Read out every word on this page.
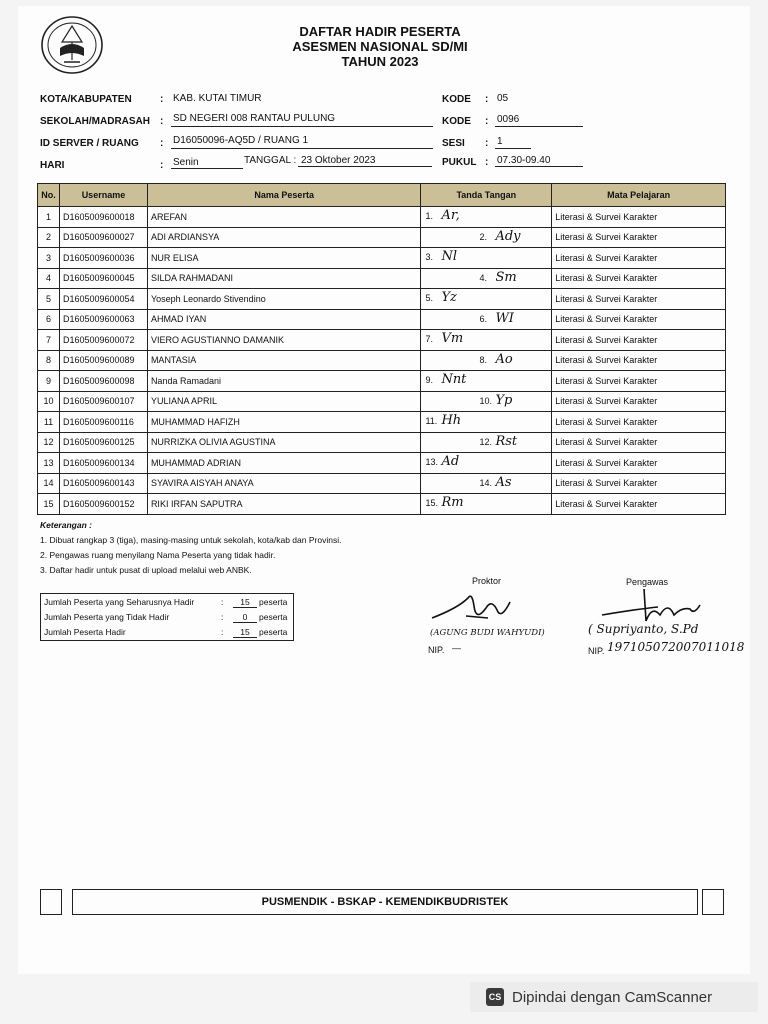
DAFTAR HADIR PESERTA
ASESMEN NASIONAL SD/MI
TAHUN 2023
KOTA/KABUPATEN	: KAB. KUTAI TIMUR	KODE : 05
SEKOLAH/MADRASAH : SD NEGERI 008 RANTAU PULUNG	KODE : 0096
ID SERVER / RUANG : D16050096-AQ5D / RUANG 1	SESI : 1
HARI	: Senin	TANGGAL : 23 Oktober 2023	PUKUL : 07.30-09.40
No.	Username	Nama Peserta	Tanda Tangan	Mata Pelajaran
1	D1605009600018	AREFAN	1. Ar,	Literasi & Survei Karakter
2	D1605009600027	ADI ARDIANSYA	2. Ady	Literasi & Survei Karakter
3	D1605009600036	NUR ELISA	3. Nl	Literasi & Survei Karakter
4	D1605009600045	SILDA RAHMADANI	4. Sm	Literasi & Survei Karakter
5	D1605009600054	Yoseph Leonardo Stivendino	5. Yz	Literasi & Survei Karakter
6	D1605009600063	AHMAD IYAN	6. WI	Literasi & Survei Karakter
7	D1605009600072	VIERO AGUSTIANNO DAMANIK	7. Vm	Literasi & Survei Karakter
8	D1605009600089	MANTASIA	8. Ao	Literasi & Survei Karakter
9	D1605009600098	Nanda Ramadani	9. Nnt	Literasi & Survei Karakter
10	D1605009600107	YULIANA APRIL	10. Yp	Literasi & Survei Karakter
11	D1605009600116	MUHAMMAD HAFIZH	11. Hh	Literasi & Survei Karakter
12	D1605009600125	NURRIZKA OLIVIA AGUSTINA	12. Rst	Literasi & Survei Karakter
13	D1605009600134	MUHAMMAD ADRIAN	13. Ad	Literasi & Survei Karakter
14	D1605009600143	SYAVIRA AISYAH ANAYA	14. As	Literasi & Survei Karakter
15	D1605009600152	RIKI IRFAN SAPUTRA	15. Rm	Literasi & Survei Karakter
Keterangan :
1. Dibuat rangkap 3 (tiga), masing-masing untuk sekolah, kota/kab dan Provinsi.
2. Pengawas ruang menyilang Nama Peserta yang tidak hadir.
3. Daftar hadir untuk pusat di upload melalui web ANBK.
Jumlah Peserta yang Seharusnya Hadir	:	15	peserta
Jumlah Peserta yang Tidak Hadir	:	0	peserta
Jumlah Peserta Hadir	:	15	peserta
Proktor
(AGUNG BUDI WAHYUDI)
NIP. —
Pengawas
( Supriyanto, S.Pd
NIP. 197105072007011018
PUSMENDIK - BSKAP - KEMENDIKBUDRISTEK
CS Dipindai dengan CamScanner
